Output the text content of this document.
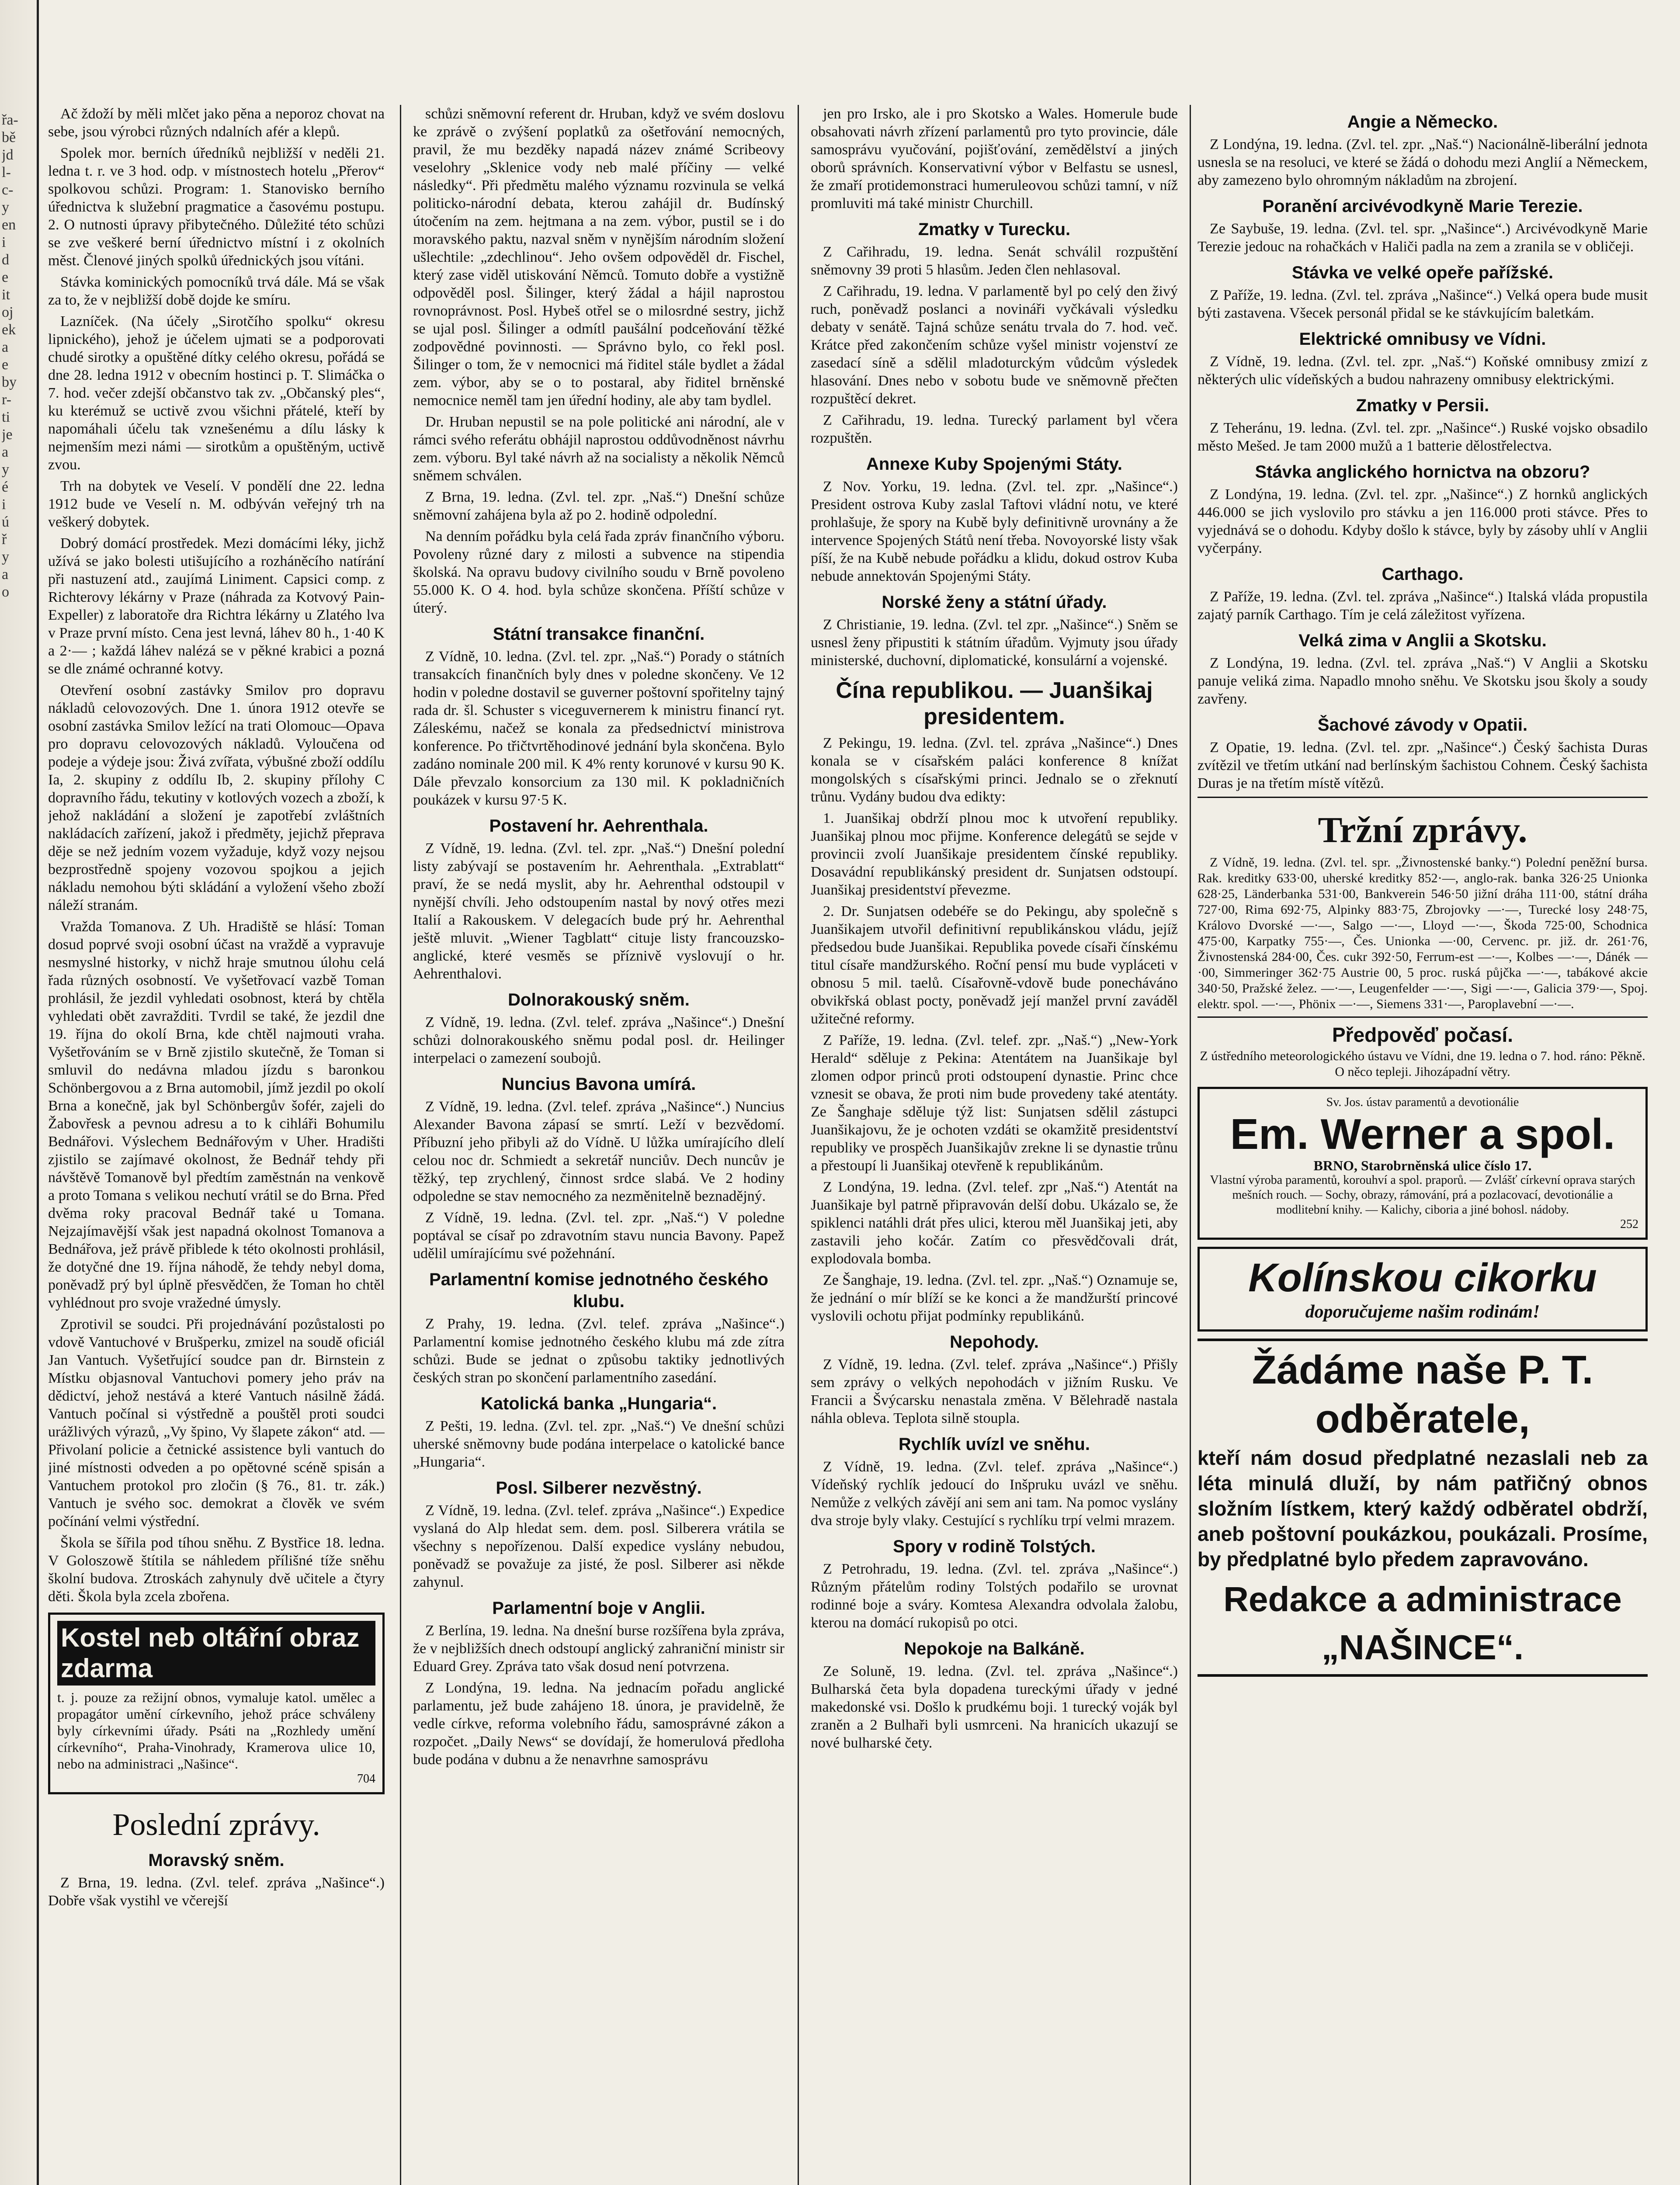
řa-
bě
jd
l-
c-
y
en
i
d
e
it
oj
ek
a
e
by
r-
ti
je
a
y
é
i
ú
ř
y
a
o

Ač ždoží by měli mlčet jako pěna a neporoz chovat na sebe, jsou výrobci různých ndalních afér a klepů.

Spolek mor. berních úředníků nejbližší v neděli 21. ledna t. r. ve 3 hod. odp. v místnostech hotelu „Přerov“ spolkovou schůzi. Program: 1. Stanovisko berního úřednictva k služební pragmatice a časovému postupu. 2. O nutnosti úpravy přibytečného. Důležité této schůzi se zve veškeré berní úřednictvo místní i z okolních měst. Členové jiných spolků úřednických jsou vítáni.

Stávka kominických pomocníků trvá dále. Má se však za to, že v nejbližší době dojde ke smíru.

Lazníček. (Na účely „Sirotčího spolku“ okresu lipnického), jehož je účelem ujmati se a podporovati chudé sirotky a opuštěné dítky celého okresu, pořádá se dne 28. ledna 1912 v obecním hostinci p. T. Slimáčka o 7. hod. večer zdejší občanstvo tak zv. „Občanský ples“, ku kterémuž se uctivě zvou všichni přátelé, kteří by napomáhali účelu tak vznešenému a dílu lásky k nejmenším mezi námi — sirotkům a opuštěným, uctivě zvou.

Trh na dobytek ve Veselí. V pondělí dne 22. ledna 1912 bude ve Veselí n. M. odbýván veřejný trh na veškerý dobytek.

Dobrý domácí prostředek. Mezi domácími léky, jichž užívá se jako bolesti utišujícího a rozháněcího natírání při nastuzení atd., zaujímá Liniment. Capsici comp. z Richterovy lékárny v Praze (náhrada za Kotvový Pain-Expeller) z laboratoře dra Richtra lékárny u Zlatého lva v Praze první místo. Cena jest levná, láhev 80 h., 1·40 K a 2·— ; každá láhev nalézá se v pěkné krabici a pozná se dle známé ochranné kotvy.

Otevření osobní zastávky Smilov pro dopravu nákladů celovozových. Dne 1. února 1912 otevře se osobní zastávka Smilov ležící na trati Olomouc—Opava pro dopravu celovozových nákladů. Vyloučena od podeje a výdeje jsou: Živá zvířata, výbušné zboží oddílu Ia, 2. skupiny z oddílu Ib, 2. skupiny přílohy C dopravního řádu, tekutiny v kotlových vozech a zboží, k jehož nakládání a složení je zapotřebí zvláštních nakládacích zařízení, jakož i předměty, jejichž přeprava děje se než jedním vozem vyžaduje, když vozy nejsou bezprostředně spojeny vozovou spojkou a jejich nákladu nemohou býti skládání a vyložení všeho zboží náleží stranám.

Vražda Tomanova. Z Uh. Hradiště se hlásí: Toman dosud poprvé svoji osobní účast na vraždě a vypravuje nesmyslné historky, v nichž hraje smutnou úlohu celá řada různých osobností. Ve vyšetřovací vazbě Toman prohlásil, že jezdil vyhledati osobnost, která by chtěla vyhledati obět zavražditi. Tvrdil se také, že jezdil dne 19. října do okolí Brna, kde chtěl najmouti vraha. Vyšetřováním se v Brně zjistilo skutečně, že Toman si smluvil do nedávna mladou jízdu s baronkou Schönbergovou a z Brna automobil, jímž jezdil po okolí Brna a konečně, jak byl Schönbergův šofér, zajeli do Žabovřesk a pevnou adresu a to k cihláři Bohumilu Bednářovi. Výslechem Bednářovým v Uher. Hradišti zjistilo se zajímavé okolnost, že Bednář tehdy při návštěvě Tomanově byl předtím zaměstnán na venkově a proto Tomana s velikou nechutí vrátil se do Brna. Před dvěma roky pracoval Bednář také u Tomana. Nejzajímavější však jest napadná okolnost Tomanova a Bednářova, jež právě přiblede k této okolnosti prohlásil, že dotyčné dne 19. října náhodě, že tehdy nebyl doma, poněvadž prý byl úplně přesvědčen, že Toman ho chtěl vyhlédnout pro svoje vražedné úmysly.

Zprotivil se soudci. Při projednávání pozůstalosti po vdově Vantuchové v Brušperku, zmizel na soudě oficiál Jan Vantuch. Vyšetřující soudce pan dr. Birnstein z Místku objasnoval Vantuchovi pomery jeho práv na dědictví, jehož nestává a které Vantuch násilně žádá. Vantuch počínal si výstředně a pouštěl proti soudci urážlivých výrazů, „Vy špino, Vy šlapete zákon“ atd. — Přivolaní policie a četnické assistence byli vantuch do jiné místnosti odveden a po opětovné scéně spisán a Vantuchem protokol pro zločin (§ 76., 81. tr. zák.) Vantuch je svého soc. demokrat a člověk ve svém počínání velmi výstřední.

Škola se šířila pod tíhou sněhu. Z Bystřice 18. ledna. V Goloszowě štítila se náhledem přílišné tíže sněhu školní budova. Ztroskách zahynuly dvě učitele a čtyry děti. Škola byla zcela zbořena.

Kostel neb oltářní obraz zdarma
t. j. pouze za režijní obnos, vymaluje katol. umělec a propagátor umění církevního, jehož práce schváleny byly církevními úřady. Psáti na „Rozhledy umění církevního“, Praha-Vinohrady, Kramerova ulice 10, nebo na administraci „Našince“.
704
Poslední zprávy.
Moravský sněm.

Z Brna, 19. ledna. (Zvl. telef. zpráva „Našince“.) Dobře však vystihl ve včerejší

schůzi sněmovní referent dr. Hruban, když ve svém doslovu ke zprávě o zvýšení poplatků za ošetřování nemocných, pravil, že mu bezděky napadá název známé Scribeovy veselohry „Sklenice vody neb malé příčiny — velké následky“. Při předmětu malého významu rozvinula se velká politicko-národní debata, kterou zahájil dr. Budínský útočením na zem. hejtmana a na zem. výbor, pustil se i do moravského paktu, nazval sněm v nynějším národním složení ušlechtile: „zdechlinou“. Jeho ovšem odpověděl dr. Fischel, který zase viděl utiskování Němců. Tomuto dobře a vystižně odpověděl posl. Šilinger, který žádal a hájil naprostou rovnoprávnost. Posl. Hybeš otřel se o milosrdné sestry, jichž se ujal posl. Šilinger a odmítl paušální podceňování těžké zodpovědné povinnosti. — Správno bylo, co řekl posl. Šilinger o tom, že v nemocnici má řiditel stále bydlet a žádal zem. výbor, aby se o to postaral, aby řiditel brněnské nemocnice neměl tam jen úřední hodiny, ale aby tam bydlel.

Dr. Hruban nepustil se na pole politické ani národní, ale v rámci svého referátu obhájil naprostou oddůvodněnost návrhu zem. výboru. Byl také návrh až na socialisty a několik Němců sněmem schválen.

Z Brna, 19. ledna. (Zvl. tel. zpr. „Naš.“) Dnešní schůze sněmovní zahájena byla až po 2. hodině odpolední.

Na denním pořádku byla celá řada zpráv finančního výboru. Povoleny různé dary z milosti a subvence na stipendia školská. Na opravu budovy civilního soudu v Brně povoleno 55.000 K. O 4. hod. byla schůze skončena. Příští schůze v úterý.

Státní transakce finanční.

Z Vídně, 10. ledna. (Zvl. tel. zpr. „Naš.“) Porady o státních transakcích finančních byly dnes v poledne skončeny. Ve 12 hodin v poledne dostavil se guverner poštovní spořitelny tajný rada dr. šl. Schuster s viceguvernerem k ministru financí ryt. Záleskému, načež se konala za předsednictví ministrova konference. Po třičtvrtěhodinové jednání byla skončena. Bylo zadáno nominale 200 mil. K 4% renty korunové v kursu 90 K. Dále převzalo konsorcium za 130 mil. K pokladničních poukázek v kursu 97·5 K.

Postavení hr. Aehrenthala.

Z Vídně, 19. ledna. (Zvl. tel. zpr. „Naš.“) Dnešní polední listy zabývají se postavením hr. Aehrenthala. „Extrablatt“ praví, že se nedá myslit, aby hr. Aehrenthal odstoupil v nynější chvíli. Jeho odstoupením nastal by nový otřes mezi Italií a Rakouskem. V delegacích bude prý hr. Aehrenthal ještě mluvit. „Wiener Tagblatt“ cituje listy francouzsko-anglické, které vesměs se příznivě vyslovují o hr. Aehrenthalovi.

Dolnorakouský sněm.

Z Vídně, 19. ledna. (Zvl. telef. zpráva „Našince“.) Dnešní schůzi dolnorakouského sněmu podal posl. dr. Heilinger interpelaci o zamezení soubojů.

Nuncius Bavona umírá.

Z Vídně, 19. ledna. (Zvl. telef. zpráva „Našince“.) Nuncius Alexander Bavona zápasí se smrtí. Leží v bezvědomí. Příbuzní jeho přibyli až do Vídně. U lůžka umírajícího dlelí celou noc dr. Schmiedt a sekretář nunciův. Dech nuncův je těžký, tep zrychlený, činnost srdce slabá. Ve 2 hodiny odpoledne se stav nemocného za nezměnitelně beznadějný.

Z Vídně, 19. ledna. (Zvl. tel. zpr. „Naš.“) V poledne poptával se císař po zdravotním stavu nuncia Bavony. Papež udělil umírajícímu své požehnání.

Parlamentní komise jednotného českého klubu.

Z Prahy, 19. ledna. (Zvl. telef. zpráva „Našince“.) Parlamentní komise jednotného českého klubu má zde zítra schůzi. Bude se jednat o způsobu taktiky jednotlivých českých stran po skončení parlamentního zasedání.

Katolická banka „Hungaria“.

Z Pešti, 19. ledna. (Zvl. tel. zpr. „Naš.“) Ve dnešní schůzi uherské sněmovny bude podána interpelace o katolické bance „Hungaria“.

Posl. Silberer nezvěstný.

Z Vídně, 19. ledna. (Zvl. telef. zpráva „Našince“.) Expedice vyslaná do Alp hledat sem. dem. posl. Silberera vrátila se všechny s nepořízenou. Další expedice vyslány nebudou, poněvadž se považuje za jisté, že posl. Silberer asi někde zahynul.

Parlamentní boje v Anglii.

Z Berlína, 19. ledna. Na dnešní burse rozšířena byla zpráva, že v nejbližších dnech odstoupí anglický zahraniční ministr sir Eduard Grey. Zpráva tato však dosud není potvrzena.

Z Londýna, 19. ledna. Na jednacím pořadu anglické parlamentu, jež bude zahájeno 18. února, je pravidelně, že vedle církve, reforma volebního řádu, samosprávné zákon a rozpočet. „Daily News“ se dovídají, že homerulová předloha bude podána v dubnu a že nenavrhne samosprávu

jen pro Irsko, ale i pro Skotsko a Wales. Homerule bude obsahovati návrh zřízení parlamentů pro tyto provincie, dále samosprávu vyučování, pojišťování, zemědělství a jiných oborů správních. Konservativní výbor v Belfastu se usnesl, že zmaří protidemonstraci humeruleovou schůzi tamní, v níž promluviti má také ministr Churchill.

Zmatky v Turecku.

Z Cařihradu, 19. ledna. Senát schválil rozpuštění sněmovny 39 proti 5 hlasům. Jeden člen nehlasoval.

Z Cařihradu, 19. ledna. V parlamentě byl po celý den živý ruch, poněvadž poslanci a novináři vyčkávali výsledku debaty v senátě. Tajná schůze senátu trvala do 7. hod. več. Krátce před zakončením schůze vyšel ministr vojenství ze zasedací síně a sdělil mladoturckým vůdcům výsledek hlasování. Dnes nebo v sobotu bude ve sněmovně přečten rozpuštěcí dekret.

Z Cařihradu, 19. ledna. Turecký parlament byl včera rozpuštěn.

Annexe Kuby Spojenými Státy.

Z Nov. Yorku, 19. ledna. (Zvl. tel. zpr. „Našince“.) President ostrova Kuby zaslal Taftovi vládní notu, ve které prohlašuje, že spory na Kubě byly definitivně urovnány a že intervence Spojených Států není třeba. Novoyorské listy však píší, že na Kubě nebude pořádku a klidu, dokud ostrov Kuba nebude annektován Spojenými Státy.

Norské ženy a státní úřady.

Z Christianie, 19. ledna. (Zvl. tel zpr. „Našince“.) Sněm se usnesl ženy připustiti k státním úřadům. Vyjmuty jsou úřady ministerské, duchovní, diplomatické, konsulární a vojenské.

Čína republikou. — Juanšikaj presidentem.

Z Pekingu, 19. ledna. (Zvl. tel. zpráva „Našince“.) Dnes konala se v císařském paláci konference 8 knížat mongolských s císařskými princi. Jednalo se o zřeknutí trůnu. Vydány budou dva edikty:

1. Juanšikaj obdrží plnou moc k utvoření republiky. Juanšikaj plnou moc přijme. Konference delegátů se sejde v provincii zvolí Juanšikaje presidentem čínské republiky. Dosavádní republikánský president dr. Sunjatsen odstoupí. Juanšikaj presidentství převezme.

2. Dr. Sunjatsen odebéře se do Pekingu, aby společně s Juanšikajem utvořil definitivní republikánskou vládu, jejíž předsedou bude Juanšikai. Republika povede císaři čínskému titul císaře mandžurského. Roční pensí mu bude vypláceti v obnosu 5 mil. taelů. Císařovně-vdově bude ponecháváno obvikřská oblast pocty, poněvadž její manžel první zaváděl užitečné reformy.

Z Paříže, 19. ledna. (Zvl. telef. zpr. „Naš.“) „New-York Herald“ sděluje z Pekina: Atentátem na Juanšikaje byl zlomen odpor princů proti odstoupení dynastie. Princ chce vznesit se obava, že proti nim bude provedeny také atentáty. Ze Šanghaje sděluje týž list: Sunjatsen sdělil zástupci Juanšikajovu, že je ochoten vzdáti se okamžitě presidentství republiky ve prospěch Juanšikajův zrekne li se dynastie trůnu a přestoupí li Juanšikaj otevřeně k republikánům.

Z Londýna, 19. ledna. (Zvl. telef. zpr „Naš.“) Atentát na Juanšikaje byl patrně připravován delší dobu. Ukázalo se, že spiklenci natáhli drát přes ulici, kterou měl Juanšikaj jeti, aby zastavili jeho kočár. Zatím co přesvědčovali drát, explodovala bomba.

Ze Šanghaje, 19. ledna. (Zvl. tel. zpr. „Naš.“) Oznamuje se, že jednání o mír blíží se ke konci a že mandžurští princové vyslovili ochotu přijat podmínky republikánů.

Nepohody.

Z Vídně, 19. ledna. (Zvl. telef. zpráva „Našince“.) Přišly sem zprávy o velkých nepohodách v jižním Rusku. Ve Francii a Švýcarsku nenastala změna. V Bělehradě nastala náhla obleva. Teplota silně stoupla.

Rychlík uvízl ve sněhu.

Z Vídně, 19. ledna. (Zvl. telef. zpráva „Našince“.) Vídeňský rychlík jedoucí do Inšpruku uvázl ve sněhu. Nemůže z velkých závějí ani sem ani tam. Na pomoc vyslány dva stroje byly vlaky. Cestující s rychlíku trpí velmi mrazem.

Spory v rodině Tolstých.

Z Petrohradu, 19. ledna. (Zvl. tel. zpráva „Našince“.) Různým přátelům rodiny Tolstých podařilo se urovnat rodinné boje a sváry. Komtesa Alexandra odvolala žalobu, kterou na domácí rukopisů po otci.

Nepokoje na Balkáně.

Ze Soluně, 19. ledna. (Zvl. tel. zpráva „Našince“.) Bulharská četa byla dopadena tureckými úřady v jedné makedonské vsi. Došlo k prudkému boji. 1 turecký voják byl zraněn a 2 Bulhaři byli usmrceni. Na hranicích ukazují se nové bulharské čety.

Angie a Německo.

Z Londýna, 19. ledna. (Zvl. tel. zpr. „Naš.“) Nacionálně-liberální jednota usnesla se na resoluci, ve které se žádá o dohodu mezi Anglií a Německem, aby zamezeno bylo ohromným nákladům na zbrojení.

Poranění arcivévodkyně Marie Terezie.

Ze Saybuše, 19. ledna. (Zvl. tel. spr. „Našince“.) Arcivévodkyně Marie Terezie jedouc na rohačkách v Haliči padla na zem a zranila se v obličeji.

Stávka ve velké opeře pařížské.

Z Paříže, 19. ledna. (Zvl. tel. zpráva „Našince“.) Velká opera bude musit býti zastavena. Všecek personál přidal se ke stávkujícím baletkám.

Elektrické omnibusy ve Vídni.

Z Vídně, 19. ledna. (Zvl. tel. zpr. „Naš.“) Koňské omnibusy zmizí z některých ulic vídeňských a budou nahrazeny omnibusy elektrickými.

Zmatky v Persii.

Z Teheránu, 19. ledna. (Zvl. tel. zpr. „Našince“.) Ruské vojsko obsadilo město Mešed. Je tam 2000 mužů a 1 batterie dělostřelectva.

Stávka anglického hornictva na obzoru?

Z Londýna, 19. ledna. (Zvl. tel. zpr. „Našince“.) Z hornků anglických 446.000 se jich vyslovilo pro stávku a jen 116.000 proti stávce. Přes to vyjednává se o dohodu. Kdyby došlo k stávce, byly by zásoby uhlí v Anglii vyčerpány.

Carthago.

Z Paříže, 19. ledna. (Zvl. tel. zpráva „Našince“.) Italská vláda propustila zajatý parník Carthago. Tím je celá záležitost vyřízena.

Velká zima v Anglii a Skotsku.

Z Londýna, 19. ledna. (Zvl. tel. zpráva „Naš.“) V Anglii a Skotsku panuje veliká zima. Napadlo mnoho sněhu. Ve Skotsku jsou školy a soudy zavřeny.

Šachové závody v Opatii.

Z Opatie, 19. ledna. (Zvl. tel. zpr. „Našince“.) Český šachista Duras zvítězil ve třetím utkání nad berlínským šachistou Cohnem. Český šachista Duras je na třetím místě vítězů.

Tržní zprávy.

Z Vídně, 19. ledna. (Zvl. tel. spr. „Živnostenské banky.“) Polední peněžní bursa. Rak. kreditky 633·00, uherské kreditky 852·—, anglo-rak. banka 326·25 Unionka 628·25, Länderbanka 531·00, Bankverein 546·50 jižní dráha 111·00, státní dráha 727·00, Rima 692·75, Alpinky 883·75, Zbrojovky —·—, Turecké losy 248·75, Královo Dvorské —·—, Salgo —·—, Lloyd —·—, Škoda 725·00, Schodnica 475·00, Karpatky 755·—, Čes. Unionka —·00, Cervenc. pr. již. dr. 261·76, Živnostenská 284·00, Čes. cukr 392·50, Ferrum-est —·—, Kolbes —·—, Dánék —·00, Simmeringer 362·75 Austrie 00, 5 proc. ruská půjčka —·—, tabákové akcie 340·50, Pražské želez. —·—, Leugenfelder —·—, Sigi —·—, Galicia 379·—, Spoj. elektr. spol. —·—, Phönix —·—, Siemens 331·—, Paroplavební —·—.

Předpověď počasí.

Z ústředního meteorologického ústavu ve Vídni, dne 19. ledna o 7. hod. ráno: Pěkně. O něco tepleji. Jihozápadní větry.

Sv. Jos. ústav paramentů a devotionálie
Em. Werner a spol.
BRNO, Starobrněnská ulice číslo 17.
Vlastní výroba paramentů, korouhví a spol. praporů. — Zvlášť církevní oprava starých mešních rouch. — Sochy, obrazy, rámování, prá a pozlacovací, devotionálie a modlitební knihy. — Kalichy, ciboria a jiné bohosl. nádoby.
252
Kolínskou cikorku
doporučujeme našim rodinám!
Žádáme naše P. T.
odběratele,
kteří nám dosud předplatné nezaslali neb za léta minulá dluží, by nám patřičný obnos složním lístkem, který každý odběratel obdrží, aneb poštovní poukázkou, poukázali. Prosíme, by předplatné bylo předem zapravováno.
Redakce a administrace
„NAŠINCE“.
